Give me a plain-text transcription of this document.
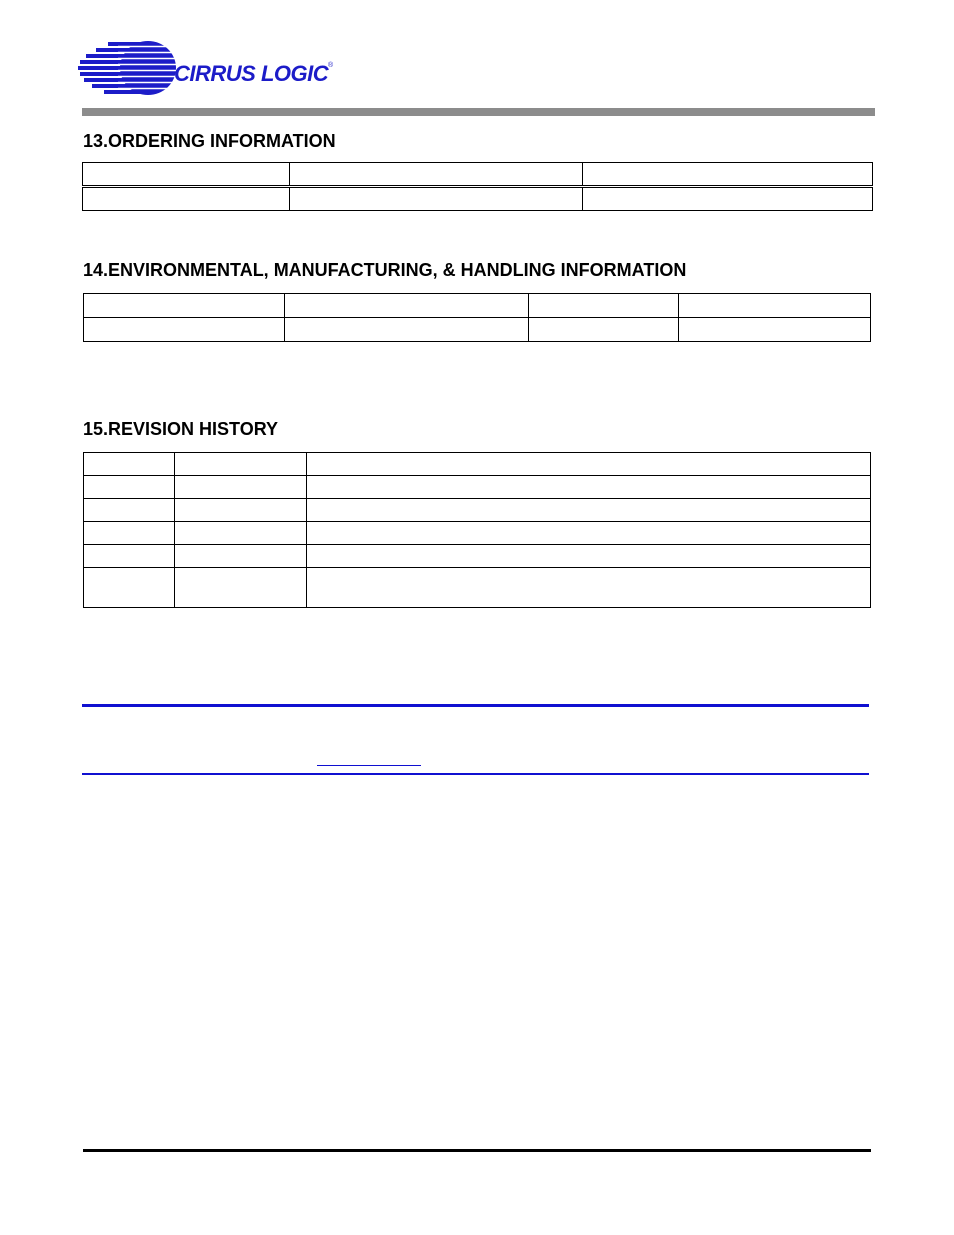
CIRRUS LOGIC ®
13.ORDERING INFORMATION

14.ENVIRONMENTAL, MANUFACTURING, & HANDLING INFORMATION

15.REVISION HISTORY
